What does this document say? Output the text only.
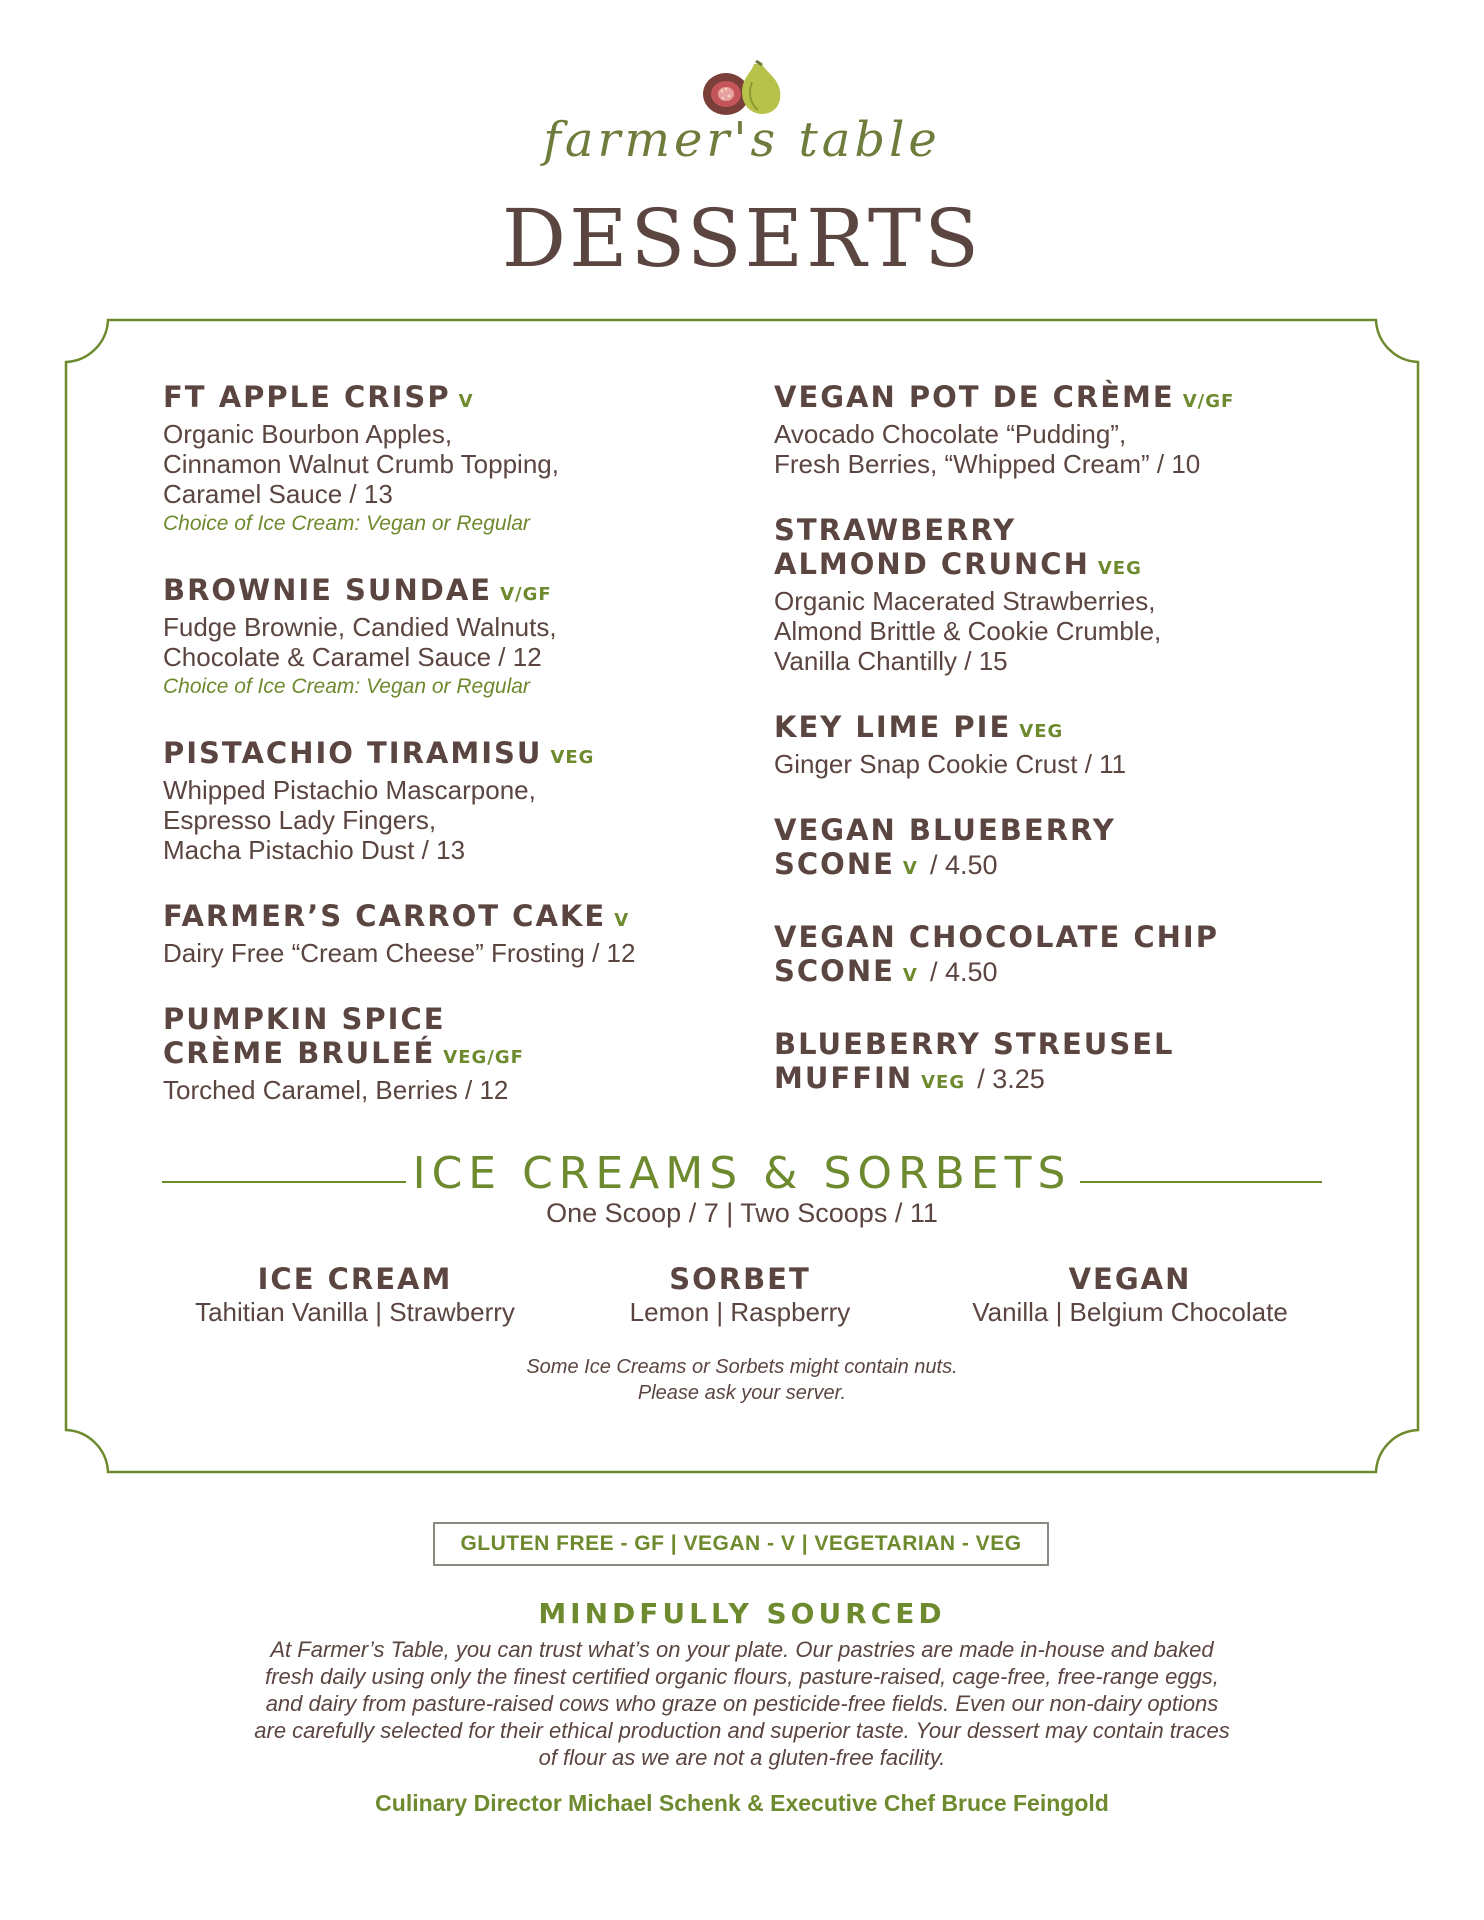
farmer's table
DESSERTS
FT APPLE CRISP V
Organic Bourbon Apples,
Cinnamon Walnut Crumb Topping,
Caramel Sauce / 13
Choice of Ice Cream: Vegan or Regular
BROWNIE SUNDAE V/GF
Fudge Brownie, Candied Walnuts,
Chocolate & Caramel Sauce / 12
Choice of Ice Cream: Vegan or Regular
PISTACHIO TIRAMISU VEG
Whipped Pistachio Mascarpone,
Espresso Lady Fingers,
Macha Pistachio Dust / 13
FARMER’S CARROT CAKE V
Dairy Free “Cream Cheese” Frosting / 12
PUMPKIN SPICE
CRÈME BRULEÉ VEG/GF
Torched Caramel, Berries / 12
VEGAN POT DE CRÈME V/GF
Avocado Chocolate “Pudding”,
Fresh Berries, “Whipped Cream” / 10
STRAWBERRY
ALMOND CRUNCH VEG
Organic Macerated Strawberries,
Almond Brittle & Cookie Crumble,
Vanilla Chantilly / 15
KEY LIME PIE VEG
Ginger Snap Cookie Crust / 11
VEGAN BLUEBERRY
SCONE V / 4.50
VEGAN CHOCOLATE CHIP
SCONE V / 4.50
BLUEBERRY STREUSEL
MUFFIN VEG / 3.25
ICE CREAMS & SORBETS
One Scoop / 7 | Two Scoops / 11
ICE CREAM
Tahitian Vanilla | Strawberry
SORBET
Lemon | Raspberry
VEGAN
Vanilla | Belgium Chocolate
Some Ice Creams or Sorbets might contain nuts.
Please ask your server.
GLUTEN FREE - GF | VEGAN - V | VEGETARIAN - VEG
MINDFULLY SOURCED
At Farmer’s Table, you can trust what’s on your plate. Our pastries are made in-house and baked
fresh daily using only the finest certified organic flours, pasture-raised, cage-free, free-range eggs,
and dairy from pasture-raised cows who graze on pesticide-free fields. Even our non-dairy options
are carefully selected for their ethical production and superior taste. Your dessert may contain traces
of flour as we are not a gluten-free facility.
Culinary Director Michael Schenk & Executive Chef Bruce Feingold
